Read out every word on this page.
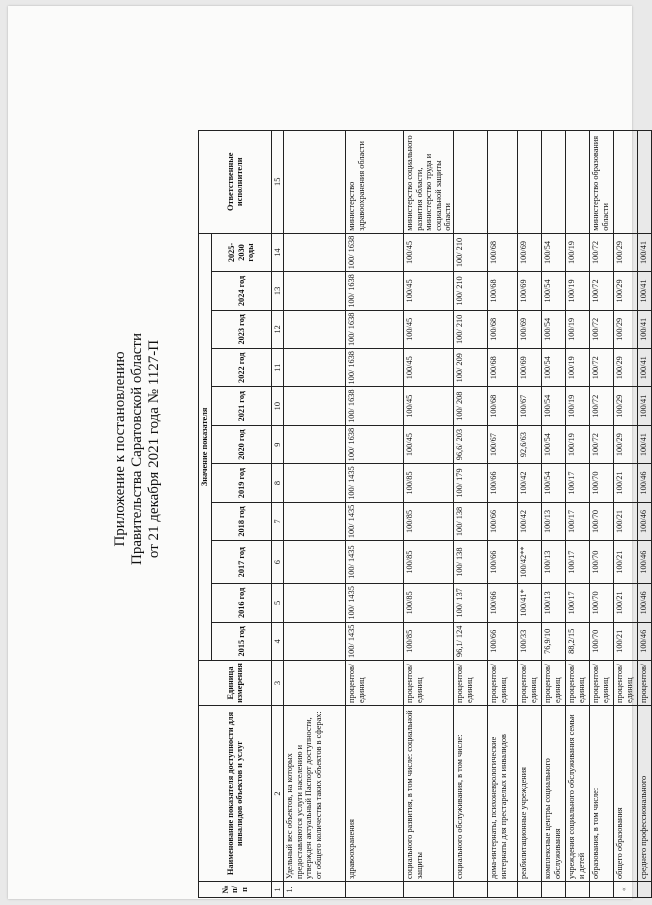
Приложение к постановлению Правительства Саратовской области от 21 декабря 2021 года № 1127-П
№ п/п	Наименование показателя доступности для инвалидов объектов и услуг	Единица измерения	Значение показателя											Ответственные исполнители
			2015 год	2016 год	2017 год	2018 год	2019 год	2020 год	2021 год	2022 год	2023 год	2024 год	2025-2030 годы	
1	2	3	4	5	6	7	8	9	10	11	12	13	14	15
1.	Удельный вес объектов, на которых предоставляются услуги населению и утвержден актуальный Паспорт доступности, от общего количества таких объектов в сферах:													
	здравоохранения	процентов/ единиц	100/ 1435	100/ 1435	100/ 1435	100/ 1435	100/ 1435	100/ 1638	100/ 1638	100/ 1638	100/ 1638	100/ 1638	100/ 1638	министерство здравоохранения области
	социального развития, в том числе: социальной защиты	процентов/ единиц	100/85	100/85	100/85	100/85	100/85	100/45	100/45	100/45	100/45	100/45	100/45	министерство социального развития области, министерство труда и социальной защиты области
	социального обслуживания, в том числе:	процентов/ единиц	96,1/ 124	100/ 137	100/ 138	100/ 138	100/ 179	96,6/ 203	100/ 208	100/ 209	100/ 210	100/ 210	100/ 210	
	дома-интернаты, психоневрологические интернаты для престарелых и инвалидов	процентов/ единиц	100/66	100/66	100/66	100/66	100/66	100/67	100/68	100/68	100/68	100/68	100/68	
	реабилитационные учреждения	процентов/ единиц	100/33	100/41*	100/42**	100/42	100/42	92,6/63	100/67	100/69	100/69	100/69	100/69	
	комплексные центры социального обслуживания	процентов/ единиц	76,9/10	100/13	100/13	100/13	100/54	100/54	100/54	100/54	100/54	100/54	100/54	
	учреждения социального обслуживания семьи и детей	процентов/ единиц	88,2/15	100/17	100/17	100/17	100/17	100/19	100/19	100/19	100/19	100/19	100/19	
	образования, в том числе:	процентов/ единиц	100/70	100/70	100/70	100/70	100/70	100/72	100/72	100/72	100/72	100/72	100/72	министерство образования области
	общего образования	процентов/ единиц	100/21	100/21	100/21	100/21	100/21	100/29	100/29	100/29	100/29	100/29	100/29	
	среднего профессионального	процентов/	100/46	100/46	100/46	100/46	100/46	100/41	100/41	100/41	100/41	100/41	100/41	
«
